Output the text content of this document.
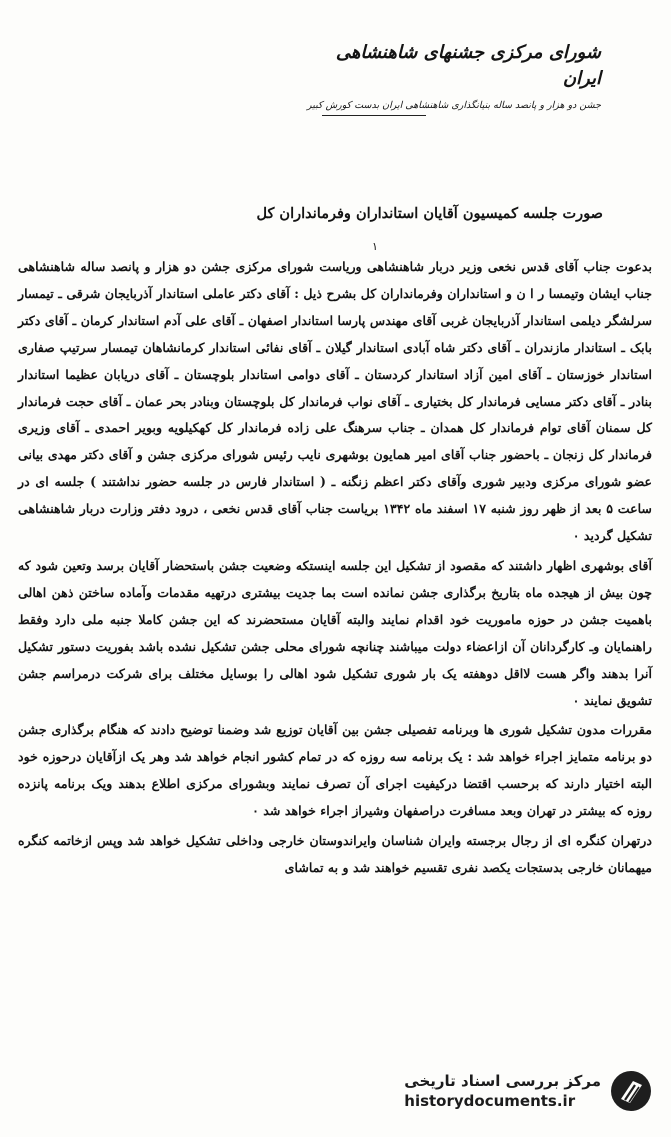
شورای مرکزی جشنهای شاهنشاهی ایران
جشن دو هزار و پانصد ساله بنیانگذاری شاهنشاهی ایران بدست کورش کبیر
صورت جلسه کمیسیون آقایان استانداران وفرمانداران کل
۱

بدعوت جناب آقای قدس نخعی وزیر دربار شاهنشاهی وریاست شورای مرکزی جشن دو هزار و پانصد ساله شاهنشاهی جناب ایشان وتیمسا ر ا ن و استانداران وفرمانداران کل بشرح ذیل : آقای دکتر عاملی استاندار آذربایجان شرقی ـ تیمسار سرلشگر دیلمی استاندار آذربایجان غربی آقای مهندس پارسا استاندار اصفهان ـ آقای علی آدم استاندار کرمان ـ آقای دکتر بابک ـ استاندار مازندران ـ آقای دکتر شاه آبادی استاندار گیلان ـ آقای نفائی استاندار کرمانشاهان تیمسار سرتیپ صفاری استاندار خوزستان ـ آقای امین آزاد استاندار کردستان ـ آقای دوامی استاندار بلوچستان ـ آقای دریابان عظیما استاندار بنادر ـ آقای دکتر مسایی فرماندار کل بختیاری ـ آقای نواب فرماندار کل بلوچستان وبنادر بحر عمان ـ آقای حجت فرماندار کل سمنان آقای توام فرماندار کل همدان ـ جناب سرهنگ علی زاده فرماندار کل کهکیلویه وبویر احمدی ـ آقای وزیری فرماندار کل زنجان ـ باحضور جناب آقای امیر همایون بوشهری نایب رئیس شورای مرکزی جشن و آقای دکتر مهدی بیانی عضو شورای مرکزی ودبیر شوری وآقای دکتر اعظم زنگنه ـ ( استاندار فارس در جلسه حضور نداشتند ) جلسه ای در ساعت ۵ بعد از ظهر روز شنبه ۱۷ اسفند ماه ۱۳۴۲ بریاست جناب آقای قدس نخعی ، درود دفتر وزارت دربار شاهنشاهی تشکیل گردید ۰

آقای بوشهری اظهار داشتند که مقصود از تشکیل این جلسه اینستکه وضعیت جشن باستحضار آقایان برسد وتعین شود که چون بیش از هیجده ماه بتاریخ برگذاری جشن نمانده است بما جدیت بیشتری درتهیه مقدمات وآماده ساختن ذهن اهالی باهمیت جشن در حوزه ماموریت خود اقدام نمایند والبته آقایان مستحضرند که این جشن کاملا جنبه ملی دارد وفقط راهنمایان وـ کارگردانان آن ازاعضاء دولت میباشند چنانچه شورای محلی جشن تشکیل نشده باشد بفوریت دستور تشکیل آنرا بدهند واگر هست لااقل دوهفته یک بار شوری تشکیل شود اهالی را بوسایل مختلف برای شرکت درمراسم جشن تشویق نمایند ۰

مقررات مدون تشکیل شوری ها وبرنامه تفصیلی جشن بین آقایان توزیع شد وضمنا توضیح دادند که هنگام برگذاری جشن دو برنامه متمایز اجراء خواهد شد : یک برنامه سه روزه که در تمام کشور انجام خواهد شد وهر یک ازآقایان درحوزه خود البته اختیار دارند که برحسب اقتضا درکیفیت اجرای آن تصرف نمایند وبشورای مرکزی اطلاع بدهند ویک برنامه پانزده روزه که بیشتر در تهران وبعد مسافرت دراصفهان وشیراز اجراء خواهد شد ۰

درتهران کنگره ای از رجال برجسته وایران شناسان وایراندوستان خارجی وداخلی تشکیل خواهد شد وپس ازخاتمه کنگره میهمانان خارجی بدستجات یکصد نفری تقسیم خواهند شد و به تماشای

مرکز بررسی اسناد تاریخی
historydocuments.ir
